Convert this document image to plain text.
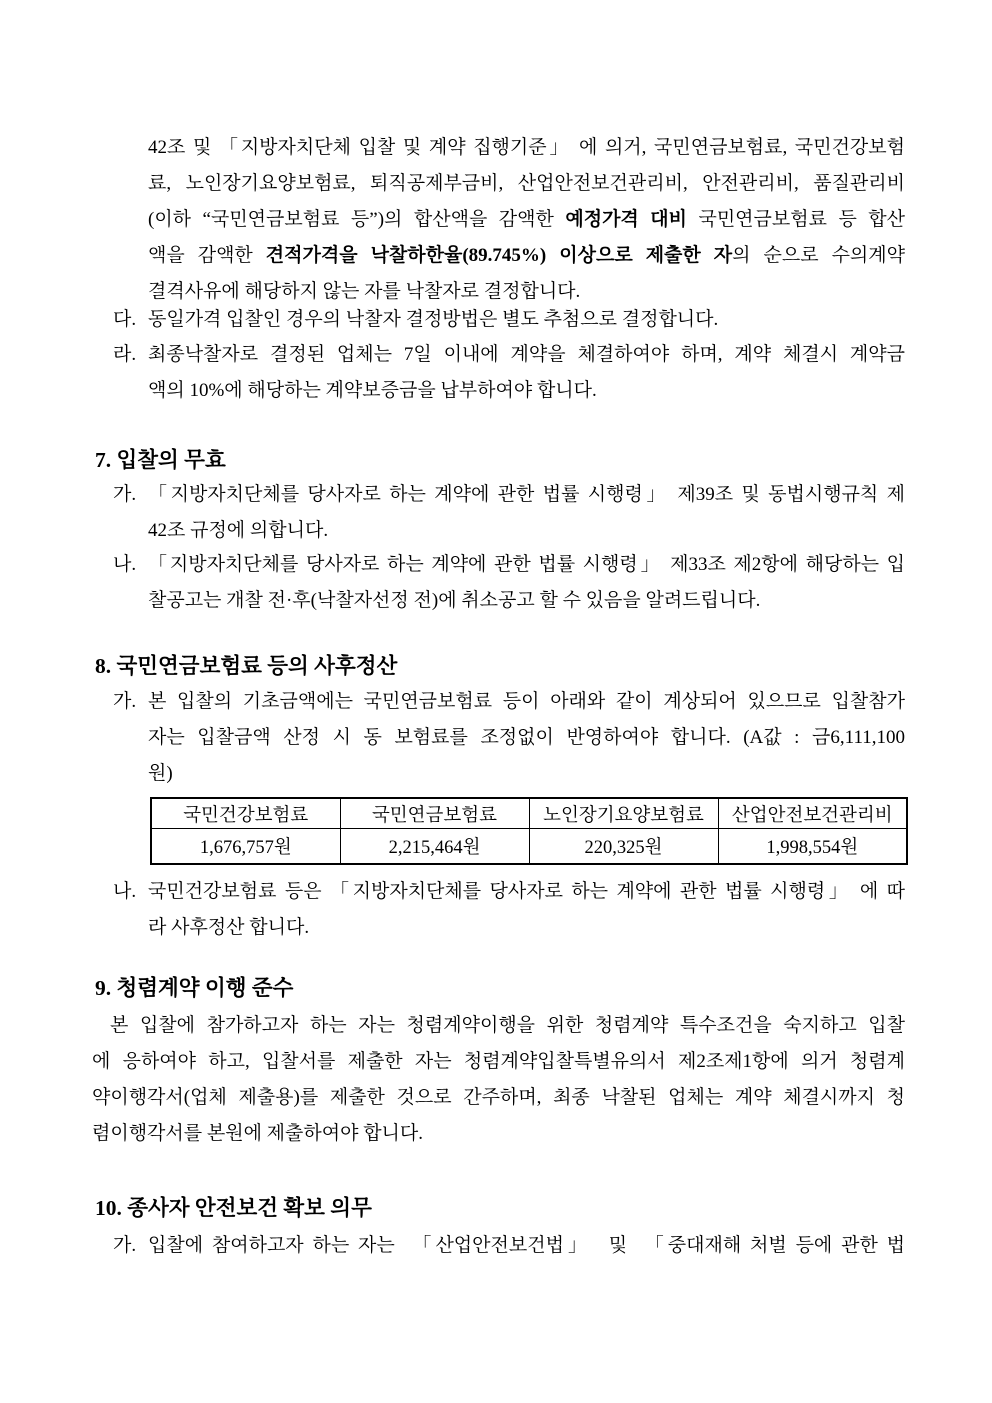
42조 및 「지방자치단체 입찰 및 계약 집행기준」 에 의거, 국민연금보험료, 국민건강보험
료, 노인장기요양보험료, 퇴직공제부금비, 산업안전보건관리비, 안전관리비, 품질관리비
(이하 “국민연금보험료 등”)의 합산액을 감액한 예정가격 대비 국민연금보험료 등 합산
액을 감액한 견적가격을 낙찰하한율(89.745%) 이상으로 제출한 자의 순으로 수의계약
결격사유에 해당하지 않는 자를 낙찰자로 결정합니다.
다. 동일가격 입찰인 경우의 낙찰자 결정방법은 별도 추첨으로 결정합니다.
라. 최종낙찰자로 결정된 업체는 7일 이내에 계약을 체결하여야 하며, 계약 체결시 계약금
액의 10%에 해당하는 계약보증금을 납부하여야 합니다.
7. 입찰의 무효
가. 「지방자치단체를 당사자로 하는 계약에 관한 법률 시행령」 제39조 및 동법시행규칙 제
42조 규정에 의합니다.
나. 「지방자치단체를 당사자로 하는 계약에 관한 법률 시행령」 제33조 제2항에 해당하는 입
찰공고는 개찰 전·후(낙찰자선정 전)에 취소공고 할 수 있음을 알려드립니다.
8. 국민연금보험료 등의 사후정산
가. 본 입찰의 기초금액에는 국민연금보험료 등이 아래와 같이 계상되어 있으므로 입찰참가
자는 입찰금액 산정 시 동 보험료를 조정없이 반영하여야 합니다. (A값 : 금6,111,100
원)
국민건강보험료	국민연금보험료	노인장기요양보험료	산업안전보건관리비
1,676,757원	2,215,464원	220,325원	1,998,554원
나. 국민건강보험료 등은 「지방자치단체를 당사자로 하는 계약에 관한 법률 시행령」 에 따
라 사후정산 합니다.
9. 청렴계약 이행 준수
본 입찰에 참가하고자 하는 자는 청렴계약이행을 위한 청렴계약 특수조건을 숙지하고 입찰
에 응하여야 하고, 입찰서를 제출한 자는 청렴계약입찰특별유의서 제2조제1항에 의거 청렴계
약이행각서(업체 제출용)를 제출한 것으로 간주하며, 최종 낙찰된 업체는 계약 체결시까지 청
렴이행각서를 본원에 제출하여야 합니다.
10. 종사자 안전보건 확보 의무
가. 입찰에 참여하고자 하는 자는  「산업안전보건법」  및  「중대재해 처벌 등에 관한 법
